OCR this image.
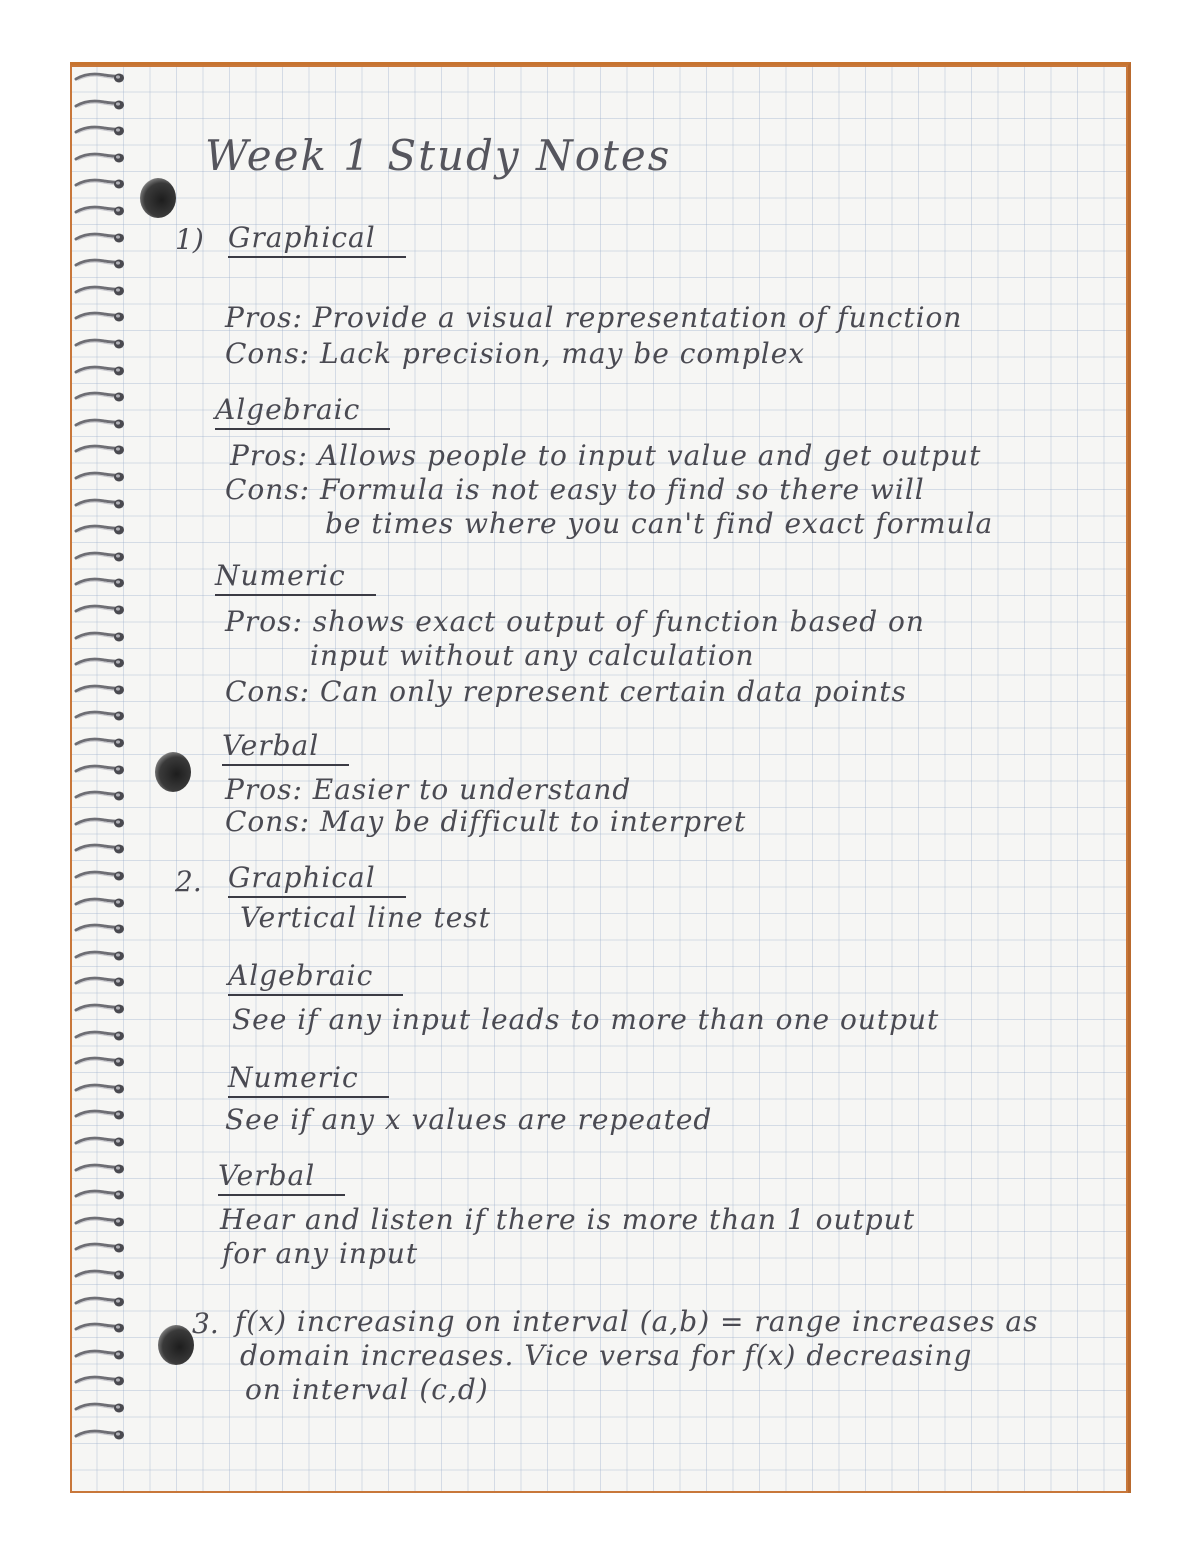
Week 1 Study Notes
1) Graphical
Pros: Provide a visual representation of function
Cons: Lack precision, may be complex
Algebraic
Pros: Allows people to input value and get output
Cons: Formula is not easy to find so there will
be times where you can't find exact formula
Numeric
Pros: shows exact output of function based on
input without any calculation
Cons: Can only represent certain data points
Verbal
Pros: Easier to understand
Cons: May be difficult to interpret
2. Graphical
Vertical line test
Algebraic
See if any input leads to more than one output
Numeric
See if any x values are repeated
Verbal
Hear and listen if there is more than 1 output
for any input
3. f(x) increasing on interval (a,b) = range increases as
domain increases. Vice versa for f(x) decreasing
on interval (c,d)
